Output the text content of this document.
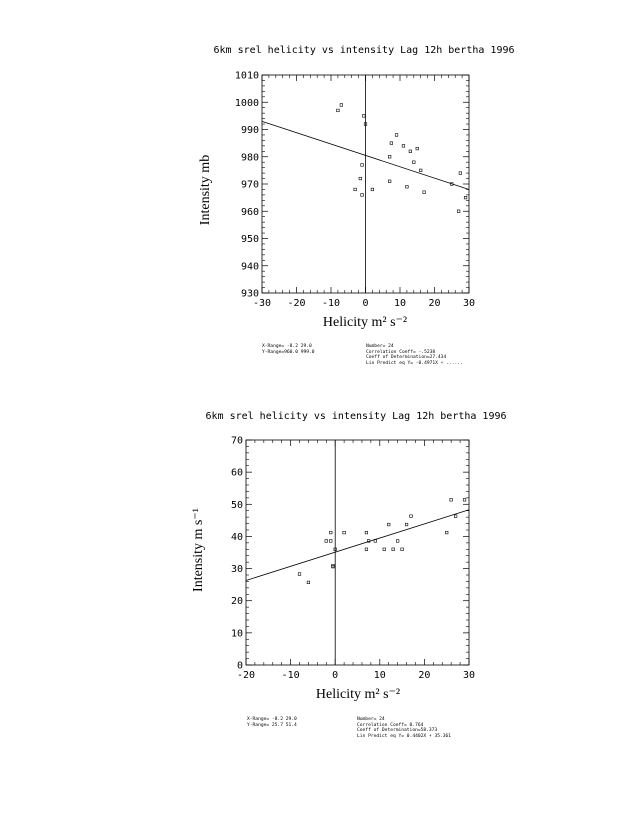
6km srel helicity vs intensity Lag 12h bertha 1996
-30 -20 -10 0	10 20 30
930
940
950
960
970
980
990
1000
1010
Helicity m² s⁻²
Intensity mb
X-Range= -8.2 29.0
Y-Range=960.0 999.0
Number= 24
Correlation Coeff= -.5238
Coeff of Determination=27.434
Lin Predict eq Y= -0.4971X + ......
6km srel helicity vs intensity Lag 12h bertha 1996
-20	-10	0	10	20	30
0
10
20
30
40
50
60
70
Helicity m² s⁻²
Intensity m s⁻¹
X-Range= -8.2 29.0
Y-Range= 25.7 51.4
Number= 24
Correlation Coeff= 0.764
Coeff of Determination=58.373
Lin Predict eq Y= 0.4402X + 35.361
